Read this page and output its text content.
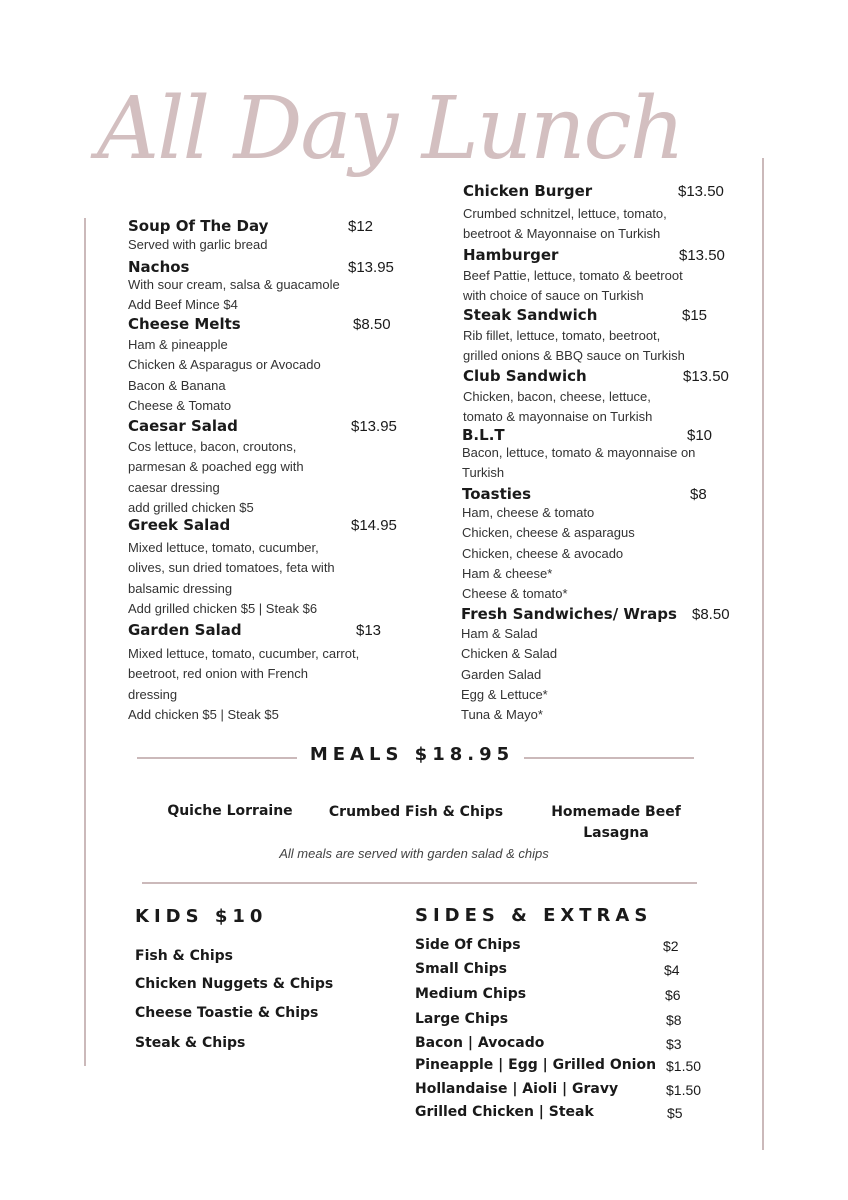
All Day Lunch
Soup Of The Day	$12
Served with garlic bread
Nachos	$13.95
With sour cream, salsa & guacamole
Add Beef Mince $4
Cheese Melts	$8.50
Ham & pineapple
Chicken & Asparagus or Avocado
Bacon & Banana
Cheese & Tomato
Caesar Salad	$13.95
Cos lettuce, bacon, croutons,
parmesan & poached egg with
caesar dressing
add grilled chicken $5
Greek Salad	$14.95
Mixed lettuce, tomato, cucumber,
olives, sun dried tomatoes, feta with
balsamic dressing
Add grilled chicken $5 | Steak $6
Garden Salad	$13
Mixed lettuce, tomato, cucumber, carrot,
beetroot, red onion with French
dressing
Add chicken $5 | Steak $5
Chicken Burger	$13.50
Crumbed schnitzel, lettuce, tomato,
beetroot & Mayonnaise on Turkish
Hamburger	$13.50
Beef Pattie, lettuce, tomato & beetroot
with choice of sauce on Turkish
Steak Sandwich	$15
Rib fillet, lettuce, tomato, beetroot,
grilled onions & BBQ sauce on Turkish
Club Sandwich	$13.50
Chicken, bacon, cheese, lettuce,
tomato & mayonnaise on Turkish
B.L.T	$10
Bacon, lettuce, tomato & mayonnaise on
Turkish
Toasties	$8
Ham, cheese & tomato
Chicken, cheese & asparagus
Chicken, cheese & avocado
Ham & cheese*
Cheese & tomato*
Fresh Sandwiches/ Wraps $8.50
Ham & Salad
Chicken & Salad
Garden Salad
Egg & Lettuce*
Tuna & Mayo*
MEALS $18.95
Quiche Lorraine	Crumbed Fish & Chips	Homemade Beef Lasagna
All meals are served with garden salad & chips
KIDS $10
Fish & Chips
Chicken Nuggets & Chips
Cheese Toastie & Chips
Steak & Chips
SIDES & EXTRAS
Side Of Chips	$2
Small Chips	$4
Medium Chips	$6
Large Chips	$8
Bacon | Avocado	$3
Pineapple | Egg | Grilled Onion $1.50
Hollandaise | Aioli | Gravy	$1.50
Grilled Chicken | Steak	$5
